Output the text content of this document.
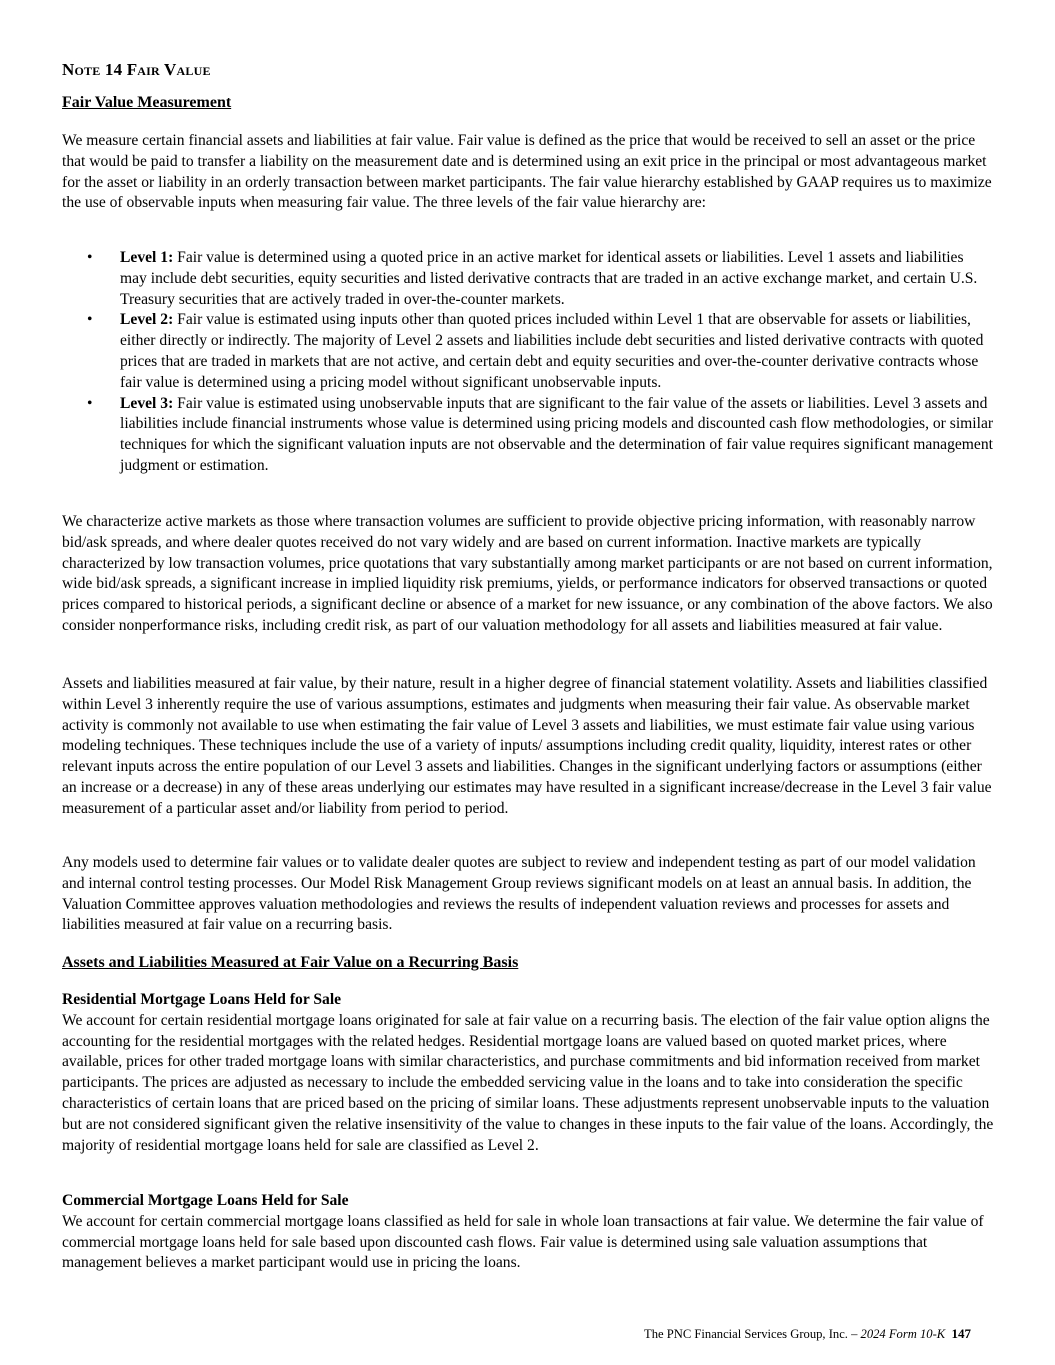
Note 14 Fair Value
Fair Value Measurement

We measure certain financial assets and liabilities at fair value. Fair value is defined as the price that would be received to sell an asset or the price that would be paid to transfer a liability on the measurement date and is determined using an exit price in the principal or most advantageous market for the asset or liability in an orderly transaction between market participants. The fair value hierarchy established by GAAP requires us to maximize the use of observable inputs when measuring fair value. The three levels of the fair value hierarchy are:

• Level 1: Fair value is determined using a quoted price in an active market for identical assets or liabilities. Level 1 assets and liabilities may include debt securities, equity securities and listed derivative contracts that are traded in an active exchange market, and certain U.S. Treasury securities that are actively traded in over-the-counter markets.
• Level 2: Fair value is estimated using inputs other than quoted prices included within Level 1 that are observable for assets or liabilities, either directly or indirectly. The majority of Level 2 assets and liabilities include debt securities and listed derivative contracts with quoted prices that are traded in markets that are not active, and certain debt and equity securities and over-the-counter derivative contracts whose fair value is determined using a pricing model without significant unobservable inputs.
• Level 3: Fair value is estimated using unobservable inputs that are significant to the fair value of the assets or liabilities. Level 3 assets and liabilities include financial instruments whose value is determined using pricing models and discounted cash flow methodologies, or similar techniques for which the significant valuation inputs are not observable and the determination of fair value requires significant management judgment or estimation.

We characterize active markets as those where transaction volumes are sufficient to provide objective pricing information, with reasonably narrow bid/ask spreads, and where dealer quotes received do not vary widely and are based on current information. Inactive markets are typically characterized by low transaction volumes, price quotations that vary substantially among market participants or are not based on current information, wide bid/ask spreads, a significant increase in implied liquidity risk premiums, yields, or performance indicators for observed transactions or quoted prices compared to historical periods, a significant decline or absence of a market for new issuance, or any combination of the above factors. We also consider nonperformance risks, including credit risk, as part of our valuation methodology for all assets and liabilities measured at fair value.

Assets and liabilities measured at fair value, by their nature, result in a higher degree of financial statement volatility. Assets and liabilities classified within Level 3 inherently require the use of various assumptions, estimates and judgments when measuring their fair value. As observable market activity is commonly not available to use when estimating the fair value of Level 3 assets and liabilities, we must estimate fair value using various modeling techniques. These techniques include the use of a variety of inputs/ assumptions including credit quality, liquidity, interest rates or other relevant inputs across the entire population of our Level 3 assets and liabilities. Changes in the significant underlying factors or assumptions (either an increase or a decrease) in any of these areas underlying our estimates may have resulted in a significant increase/decrease in the Level 3 fair value measurement of a particular asset and/or liability from period to period.

Any models used to determine fair values or to validate dealer quotes are subject to review and independent testing as part of our model validation and internal control testing processes. Our Model Risk Management Group reviews significant models on at least an annual basis. In addition, the Valuation Committee approves valuation methodologies and reviews the results of independent valuation reviews and processes for assets and liabilities measured at fair value on a recurring basis.

Assets and Liabilities Measured at Fair Value on a Recurring Basis
Residential Mortgage Loans Held for Sale

We account for certain residential mortgage loans originated for sale at fair value on a recurring basis. The election of the fair value option aligns the accounting for the residential mortgages with the related hedges. Residential mortgage loans are valued based on quoted market prices, where available, prices for other traded mortgage loans with similar characteristics, and purchase commitments and bid information received from market participants. The prices are adjusted as necessary to include the embedded servicing value in the loans and to take into consideration the specific characteristics of certain loans that are priced based on the pricing of similar loans. These adjustments represent unobservable inputs to the valuation but are not considered significant given the relative insensitivity of the value to changes in these inputs to the fair value of the loans. Accordingly, the majority of residential mortgage loans held for sale are classified as Level 2.

Commercial Mortgage Loans Held for Sale

We account for certain commercial mortgage loans classified as held for sale in whole loan transactions at fair value. We determine the fair value of commercial mortgage loans held for sale based upon discounted cash flows. Fair value is determined using sale valuation assumptions that management believes a market participant would use in pricing the loans.

The PNC Financial Services Group, Inc. – 2024 Form 10-K 147
